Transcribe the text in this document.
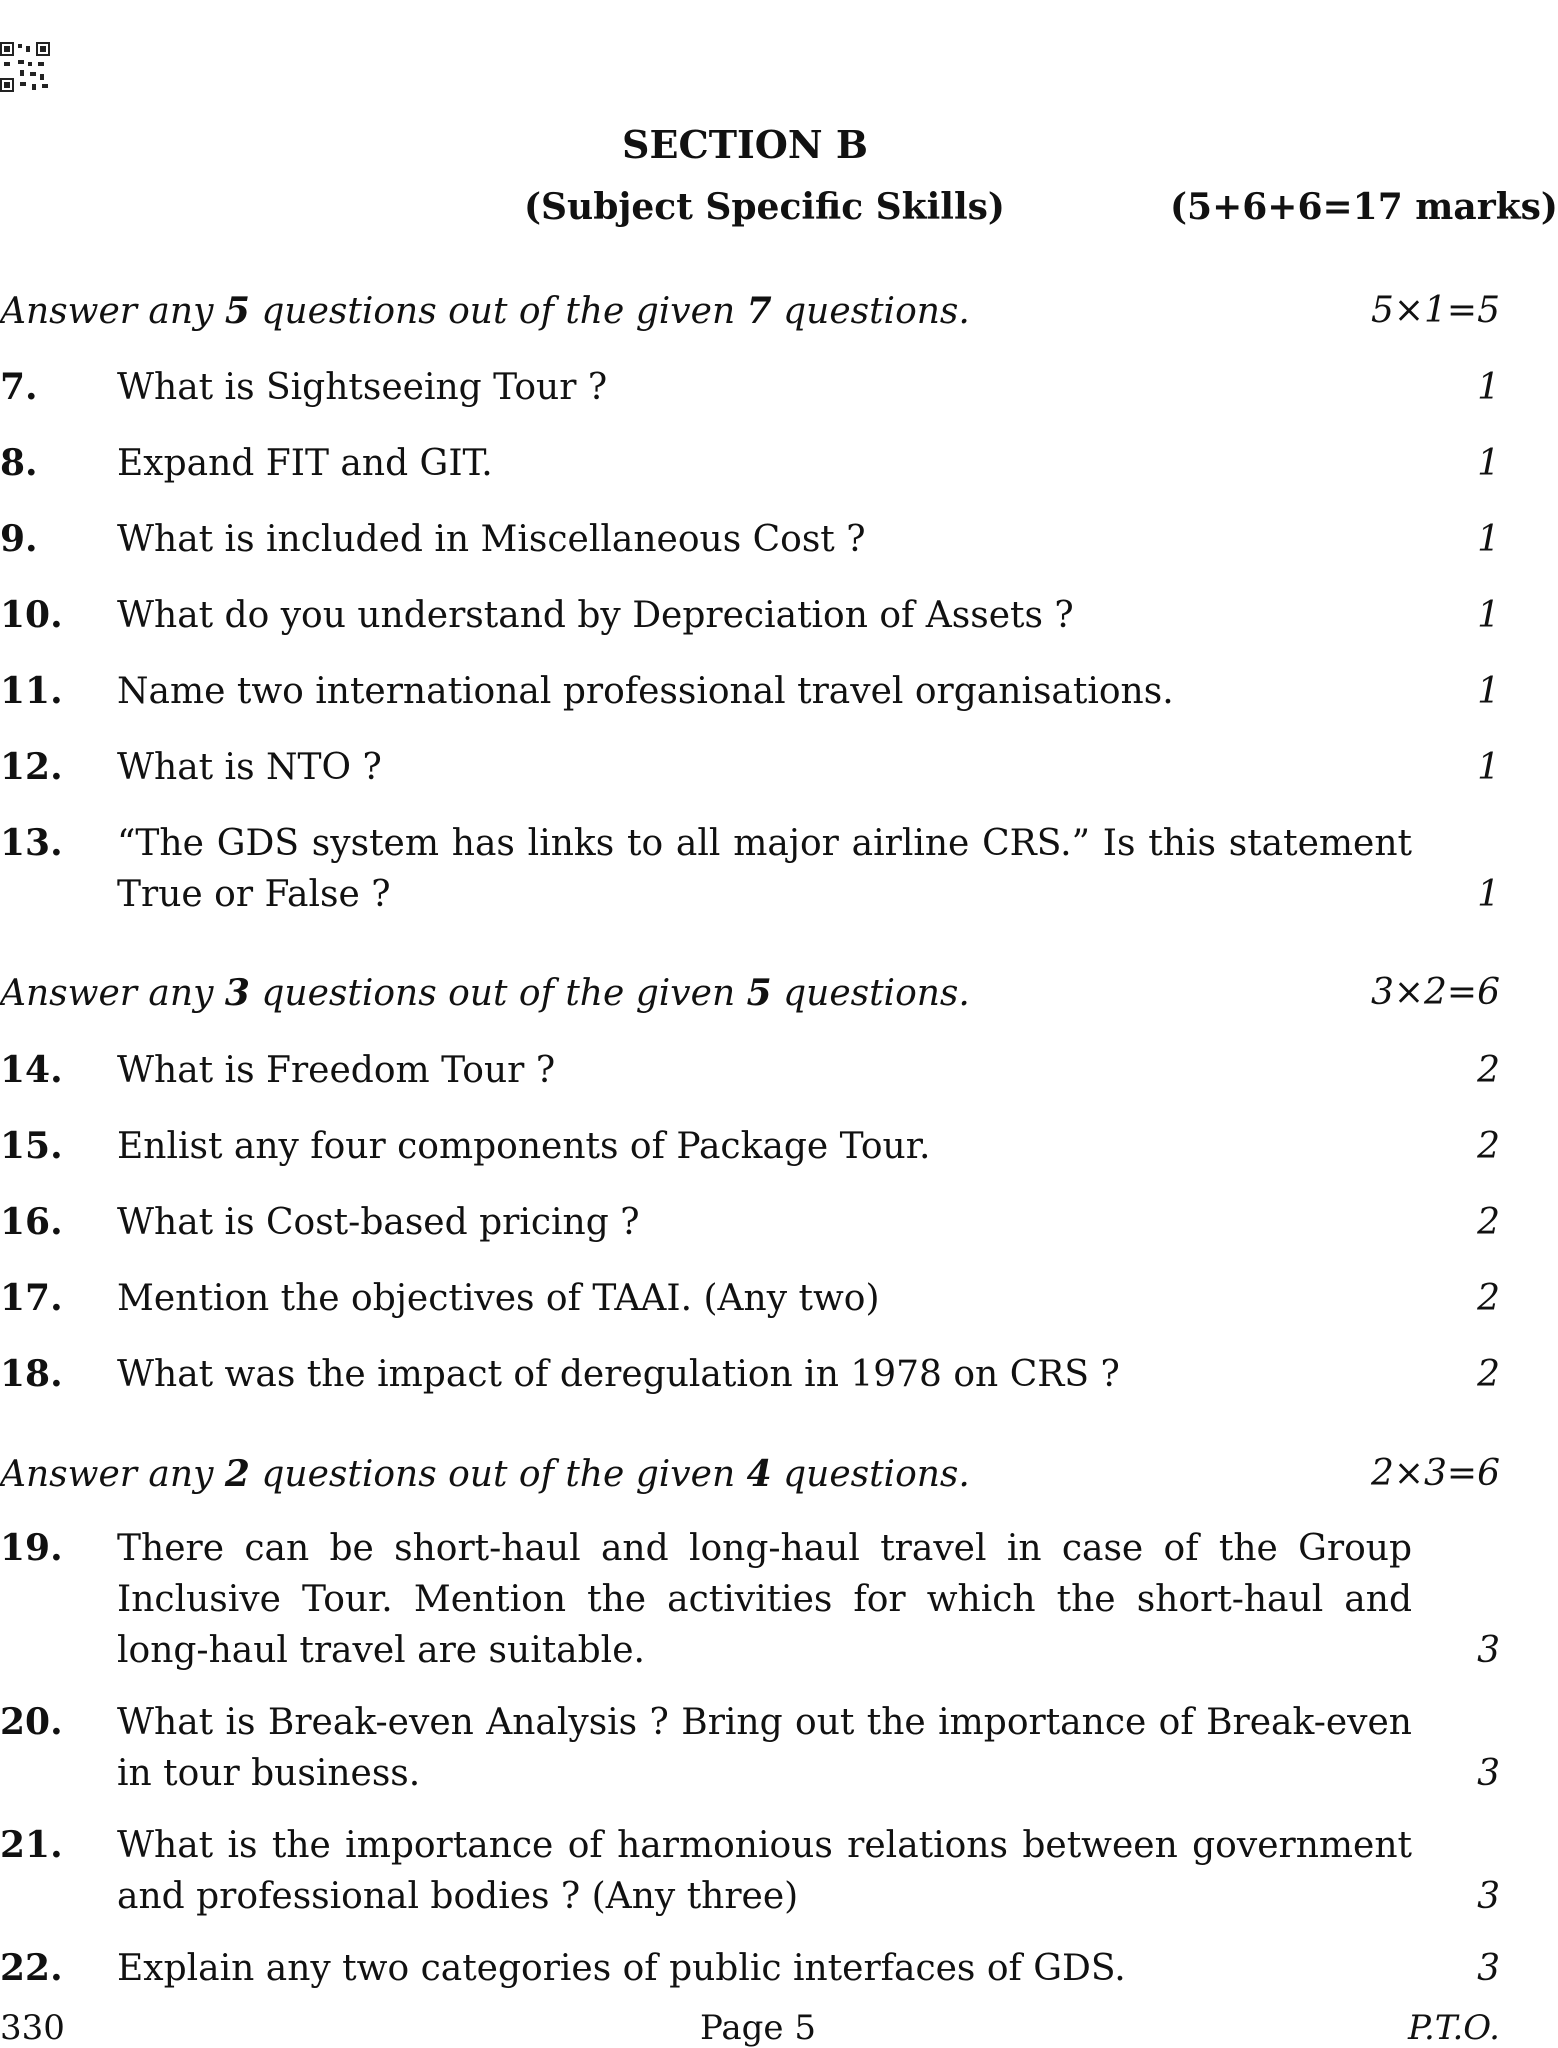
SECTION B
(Subject Specific Skills)	(5+6+6=17 marks)
Answer any 5 questions out of the given 7 questions.	5×1=5
7. What is Sightseeing Tour ?	1
8. Expand FIT and GIT.	1
9. What is included in Miscellaneous Cost ?	1
10. What do you understand by Depreciation of Assets ?	1
11. Name two international professional travel organisations.	1
12. What is NTO ?	1
13. “The GDS system has links to all major airline CRS.” Is this statement True or False ?	1
Answer any 3 questions out of the given 5 questions.	3×2=6
14. What is Freedom Tour ?	2
15. Enlist any four components of Package Tour.	2
16. What is Cost-based pricing ?	2
17. Mention the objectives of TAAI. (Any two)	2
18. What was the impact of deregulation in 1978 on CRS ?	2
Answer any 2 questions out of the given 4 questions.	2×3=6
19. There can be short-haul and long-haul travel in case of the Group Inclusive Tour. Mention the activities for which the short-haul and long-haul travel are suitable.	3
20. What is Break-even Analysis ? Bring out the importance of Break-even in tour business.	3
21. What is the importance of harmonious relations between government and professional bodies ? (Any three)	3
22. Explain any two categories of public interfaces of GDS.	3
330	Page 5	P.T.O.
